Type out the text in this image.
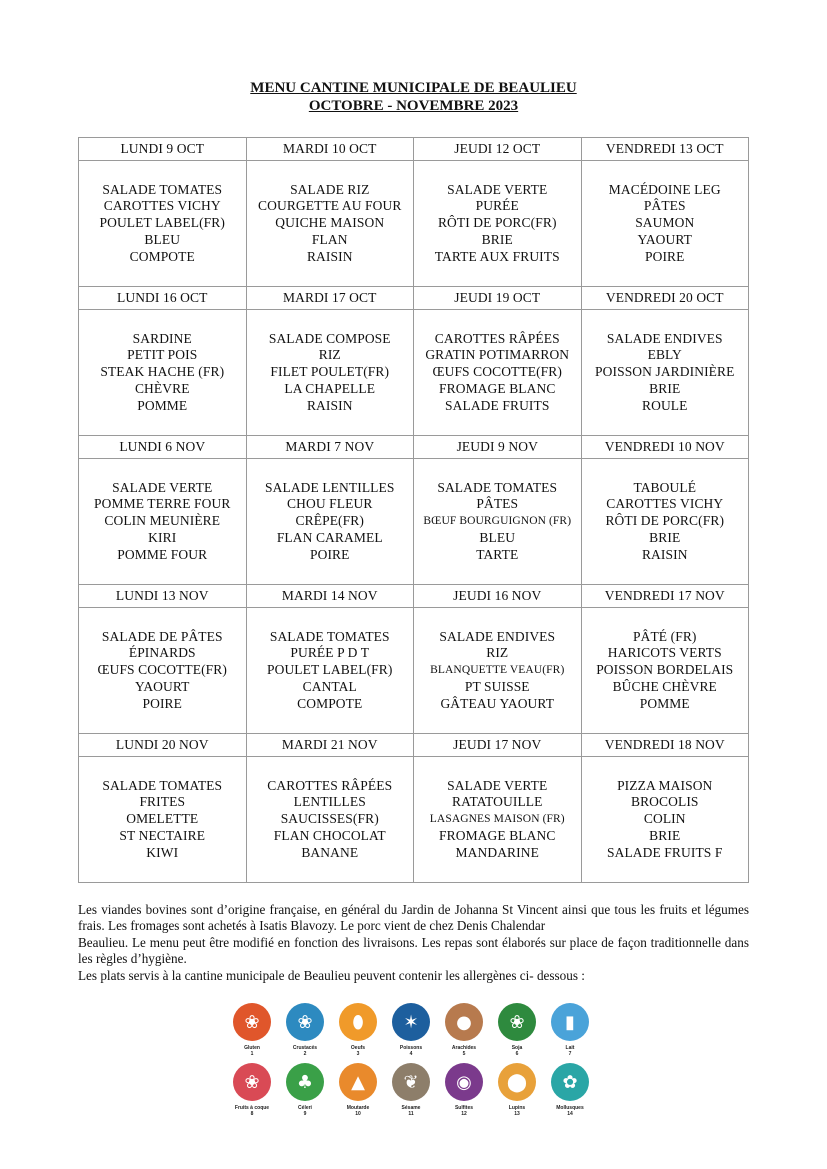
MENU CANTINE MUNICIPALE DE BEAULIEU
OCTOBRE - NOVEMBRE 2023
LUNDI 9 OCT	MARDI 10 OCT	JEUDI 12 OCT	VENDREDI 13 OCT

SALADE TOMATES
CAROTTES VICHY
POULET LABEL(FR)
BLEU
COMPOTE	SALADE RIZ
COURGETTE AU FOUR
QUICHE MAISON
FLAN
RAISIN	SALADE VERTE
PURÉE
RÔTI DE PORC(FR)
BRIE
TARTE AUX FRUITS	MACÉDOINE LEG
PÂTES
SAUMON
YAOURT
POIRE

LUNDI 16 OCT	MARDI 17 OCT	JEUDI 19 OCT	VENDREDI 20 OCT

SARDINE
PETIT POIS
STEAK HACHE (FR)
CHÈVRE
POMME	SALADE COMPOSE
RIZ
FILET POULET(FR)
LA CHAPELLE
RAISIN	CAROTTES RÂPÉES
GRATIN POTIMARRON
ŒUFS COCOTTE(FR)
FROMAGE BLANC
SALADE FRUITS	SALADE ENDIVES
EBLY
POISSON JARDINIÈRE
BRIE
ROULE

LUNDI 6 NOV	MARDI 7 NOV	JEUDI 9 NOV	VENDREDI 10 NOV

SALADE VERTE
POMME TERRE FOUR
COLIN MEUNIÈRE
KIRI
POMME FOUR	SALADE LENTILLES
CHOU FLEUR
CRÊPE(FR)
FLAN CARAMEL
POIRE	SALADE TOMATES
PÂTES
BŒUF BOURGUIGNON (FR)
BLEU
TARTE	TABOULÉ
CAROTTES VICHY
RÔTI DE PORC(FR)
BRIE
RAISIN

LUNDI 13 NOV	MARDI 14 NOV	JEUDI 16 NOV	VENDREDI 17 NOV

SALADE DE PÂTES
ÉPINARDS
ŒUFS COCOTTE(FR)
YAOURT
POIRE	SALADE TOMATES
PURÉE P D T
POULET LABEL(FR)
CANTAL
COMPOTE	SALADE ENDIVES
RIZ
BLANQUETTE VEAU(FR)
PT SUISSE
GÂTEAU YAOURT	PÂTÉ (FR)
HARICOTS VERTS
POISSON BORDELAIS
BÛCHE CHÈVRE
POMME

LUNDI 20 NOV	MARDI 21 NOV	JEUDI 17 NOV	VENDREDI 18 NOV

SALADE TOMATES
FRITES
OMELETTE
ST NECTAIRE
KIWI	CAROTTES RÂPÉES
LENTILLES
SAUCISSES(FR)
FLAN CHOCOLAT
BANANE	SALADE VERTE
RATATOUILLE
LASAGNES MAISON (FR)
FROMAGE BLANC
MANDARINE	PIZZA MAISON
BROCOLIS
COLIN
BRIE
SALADE FRUITS F

Les viandes bovines sont d’origine française, en général du Jardin de Johanna St Vincent ainsi que tous les fruits et légumes frais. Les fromages sont achetés à Isatis Blavozy. Le porc vient de chez Denis Chalendar

Beaulieu. Le menu peut être modifié en fonction des livraisons. Les repas sont élaborés sur place de façon traditionnelle dans les règles d’hygiène.

Les plats servis à la cantine municipale de Beaulieu peuvent contenir les allergènes ci- dessous :

❀
Gluten
1
❀
Crustacés
2
⬮
Oeufs
3
✶
Poissons
4
●
Arachides
5
❀
Soja
6
▮
Lait
7
❀
Fruits à coque
8
♣
Céleri
9
▲
Moutarde
10
❦
Sésame
11
◉
Sulfites
12
⬤
Lupins
13
✿
Mollusques
14
